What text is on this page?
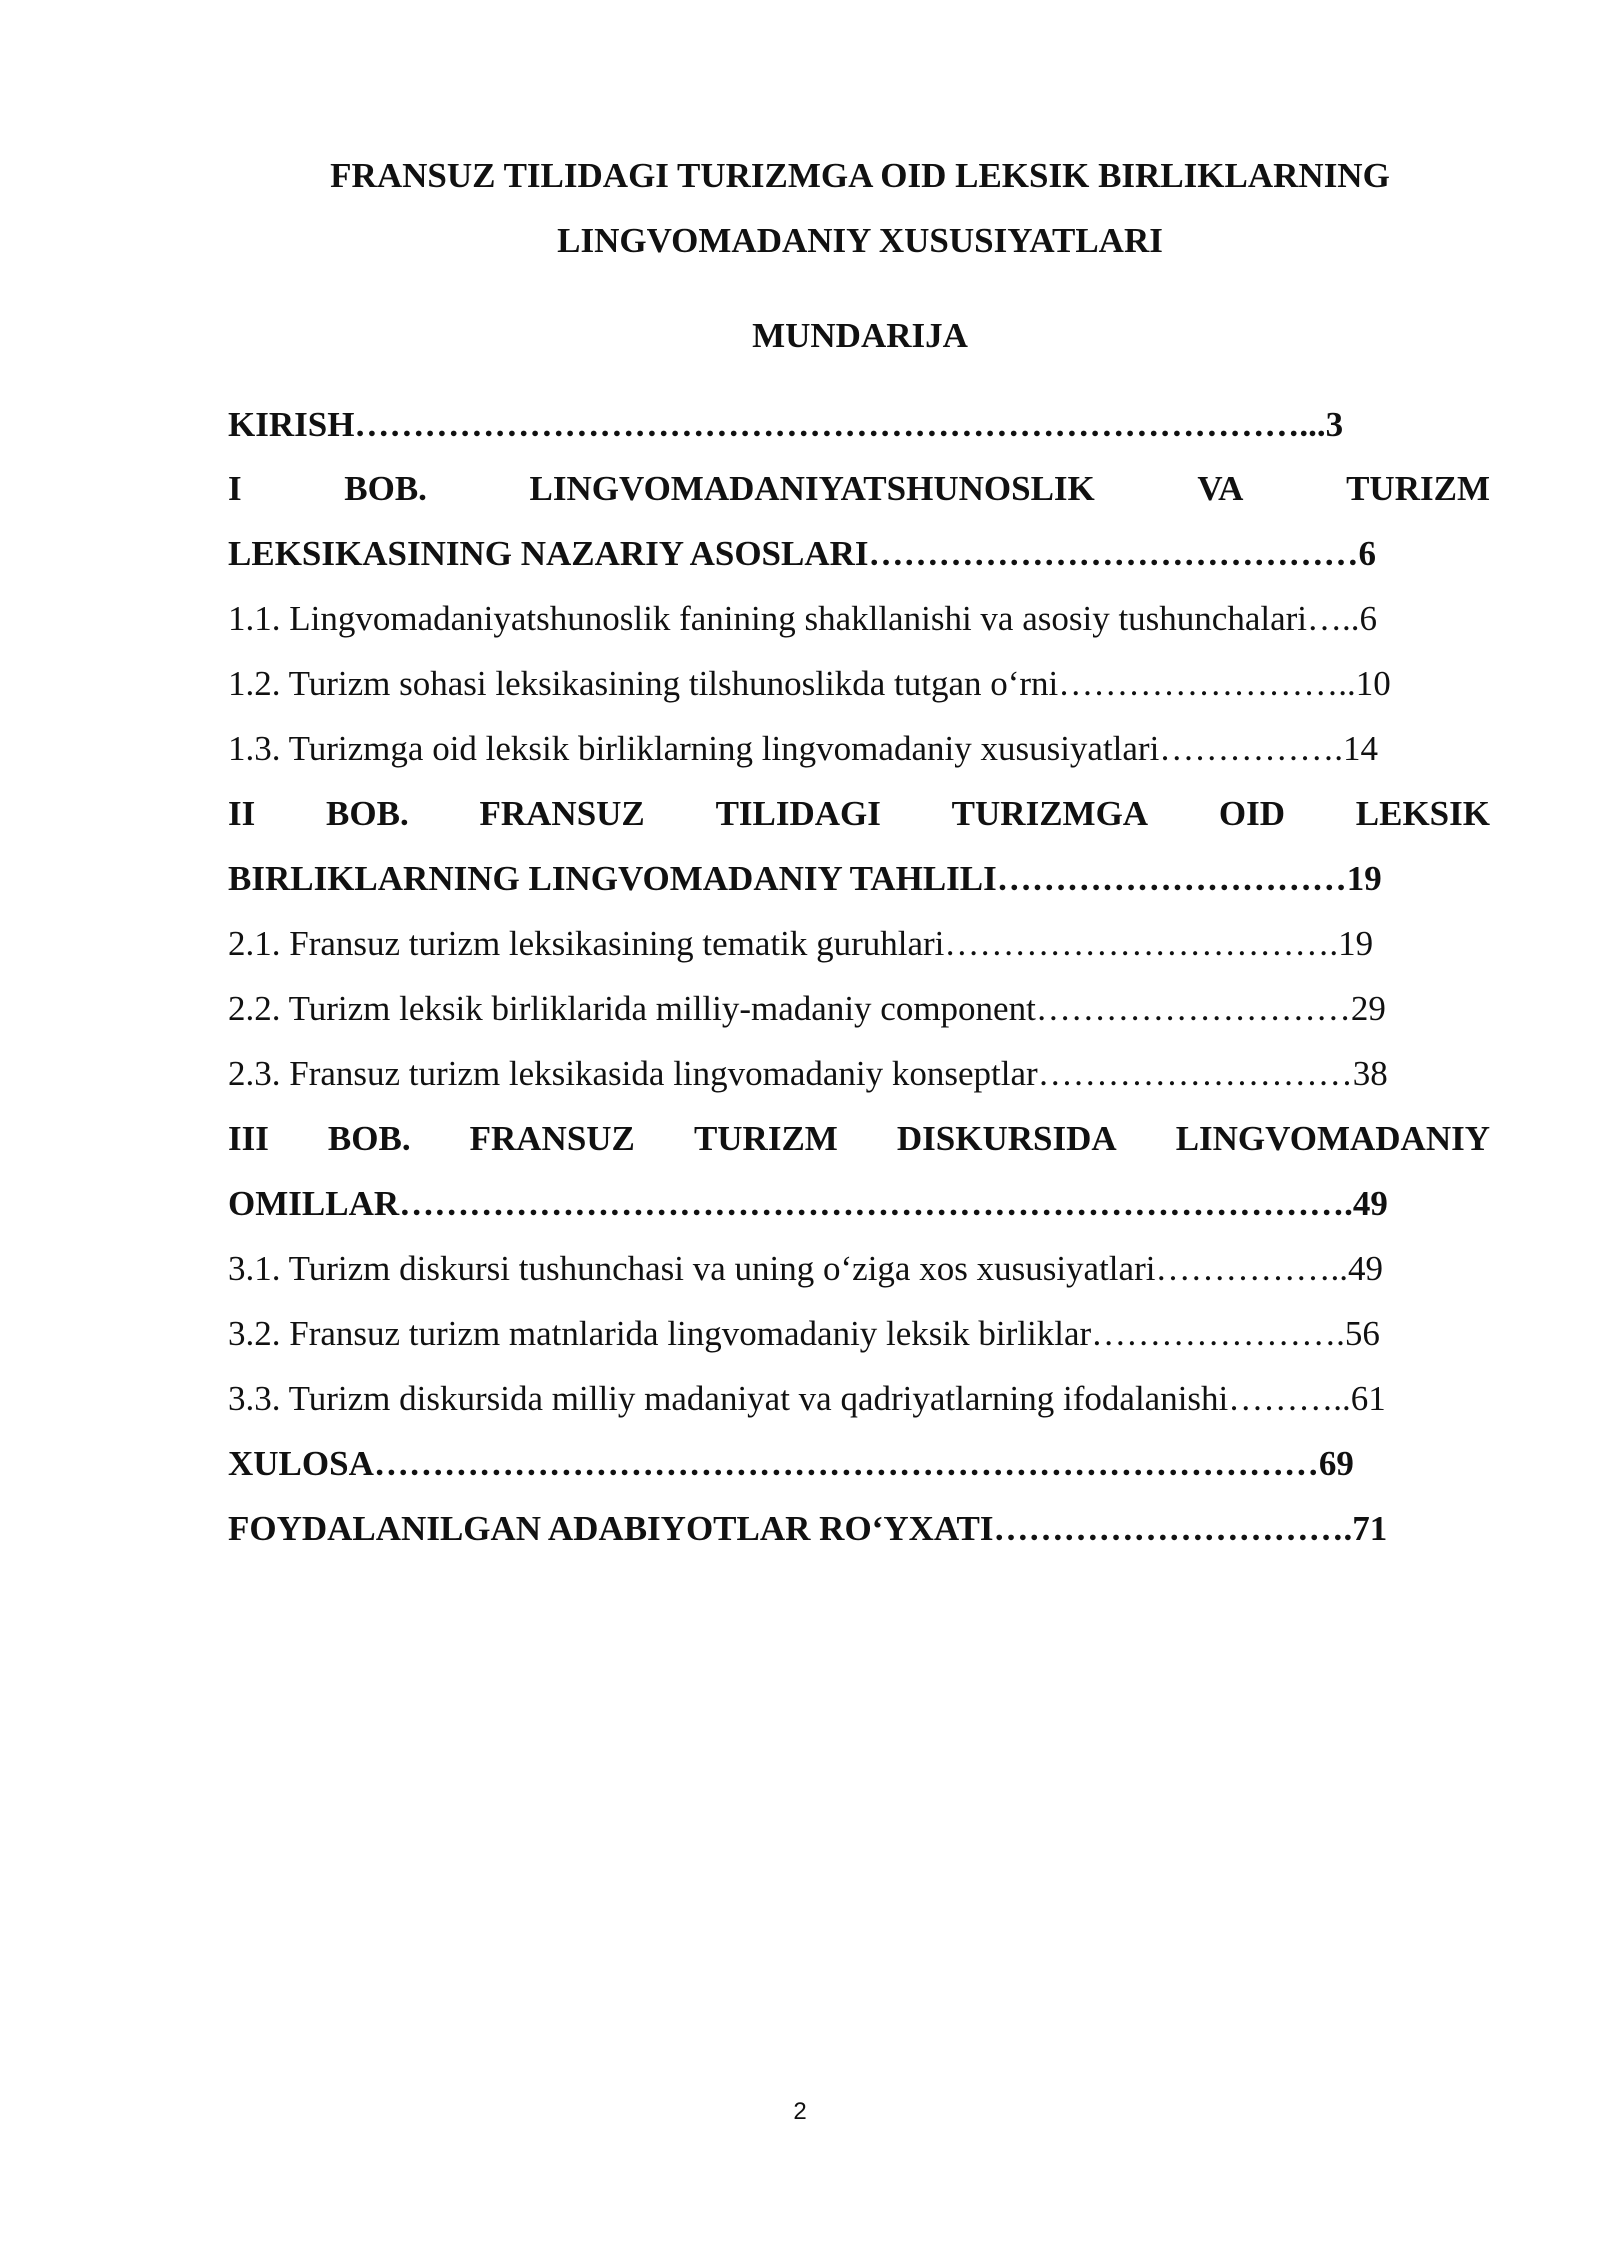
FRANSUZ TILIDAGI TURIZMGA OID LEKSIK BIRLIKLARNING
LINGVOMADANIY XUSUSIYATLARI
MUNDARIJA
KIRISH………………………………………………………………………...3
I	BOB.	LINGVOMADANIYATSHUNOSLIK	VA	TURIZM
LEKSIKASINING NAZARIY ASOSLARI……………………………………6
1.1. Lingvomadaniyatshunoslik fanining shakllanishi va asosiy tushunchalari…..6
1.2. Turizm sohasi leksikasining tilshunoslikda tutgan o‘rni……………………..10
1.3. Turizmga oid leksik birliklarning lingvomadaniy xususiyatlari…………….14
II BOB. FRANSUZ TILIDAGI TURIZMGA OID LEKSIK
BIRLIKLARNING LINGVOMADANIY TAHLILI…………………………19
2.1. Fransuz turizm leksikasining tematik guruhlari…………………………….19
2.2. Turizm leksik birliklarida milliy-madaniy component………………………29
2.3. Fransuz turizm leksikasida lingvomadaniy konseptlar………………………38
III BOB. FRANSUZ TURIZM DISKURSIDA LINGVOMADANIY
OMILLAR……………………………………………………………………….49
3.1. Turizm diskursi tushunchasi va uning o‘ziga xos xususiyatlari……………..49
3.2. Fransuz turizm matnlarida lingvomadaniy leksik birliklar………………….56
3.3. Turizm diskursida milliy madaniyat va qadriyatlarning ifodalanishi………..61
XULOSA………………………………………………………………………69
FOYDALANILGAN ADABIYOTLAR RO‘YXATI………………………….71
2
